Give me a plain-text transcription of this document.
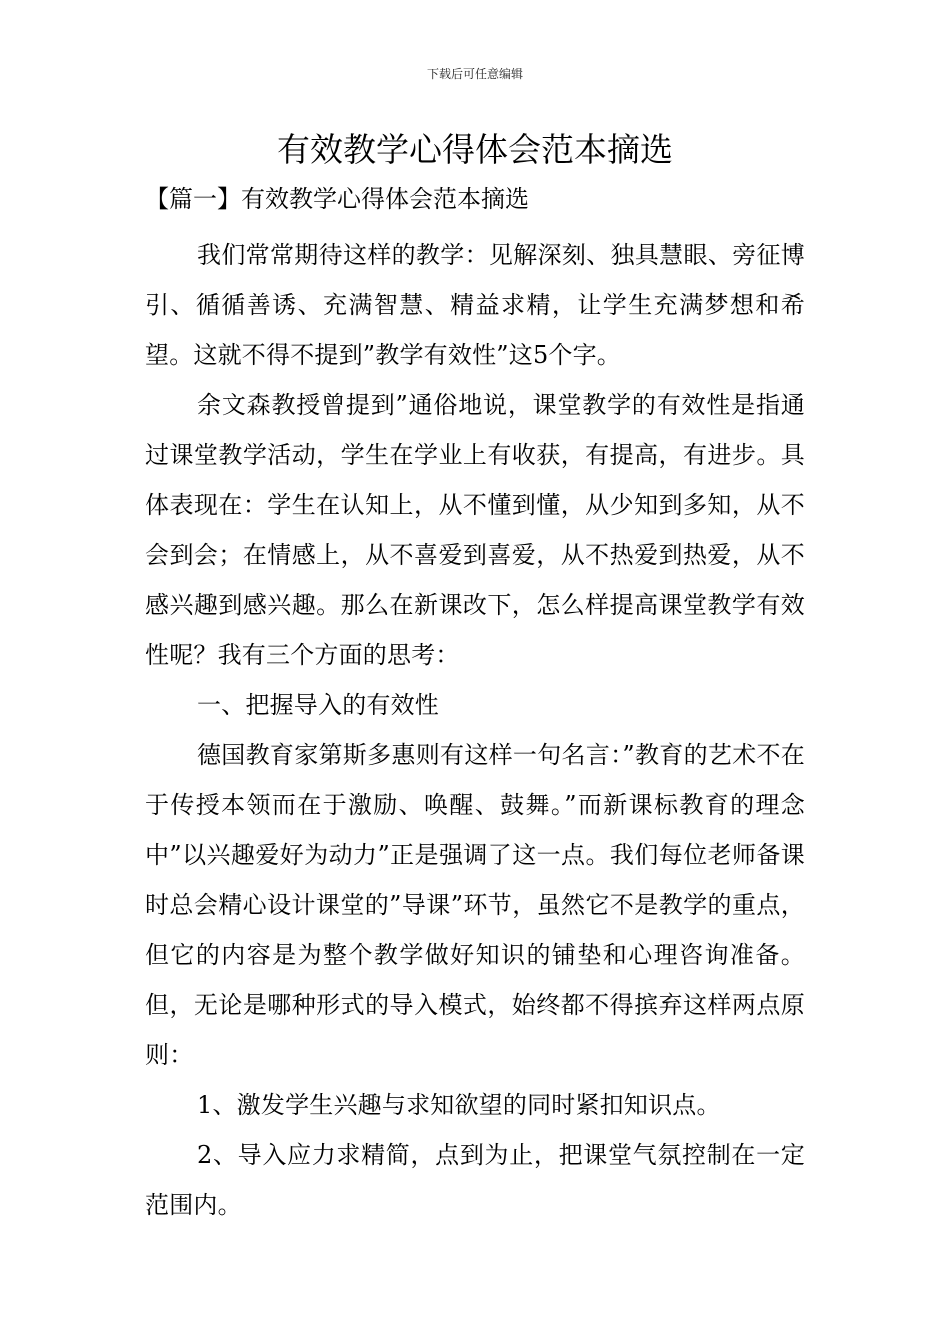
下载后可任意编辑
有效教学心得体会范本摘选
【篇一】有效教学心得体会范本摘选

我们常常期待这样的教学：见解深刻、独具慧眼、旁征博引、循循善诱、充满智慧、精益求精，让学生充满梦想和希望。这就不得不提到”教学有效性”这5个字。

余文森教授曾提到”通俗地说，课堂教学的有效性是指通过课堂教学活动，学生在学业上有收获，有提高，有进步。具体表现在：学生在认知上，从不懂到懂，从少知到多知，从不会到会；在情感上，从不喜爱到喜爱，从不热爱到热爱，从不感兴趣到感兴趣。那么在新课改下，怎么样提高课堂教学有效性呢？我有三个方面的思考：

一、把握导入的有效性

德国教育家第斯多惠则有这样一句名言：”教育的艺术不在于传授本领而在于激励、唤醒、鼓舞。”而新课标教育的理念中”以兴趣爱好为动力”正是强调了这一点。我们每位老师备课时总会精心设计课堂的”导课”环节，虽然它不是教学的重点，但它的内容是为整个教学做好知识的铺垫和心理咨询准备。但，无论是哪种形式的导入模式，始终都不得摈弃这样两点原则：

1、激发学生兴趣与求知欲望的同时紧扣知识点。

2、导入应力求精简，点到为止，把课堂气氛控制在一定范围内。
